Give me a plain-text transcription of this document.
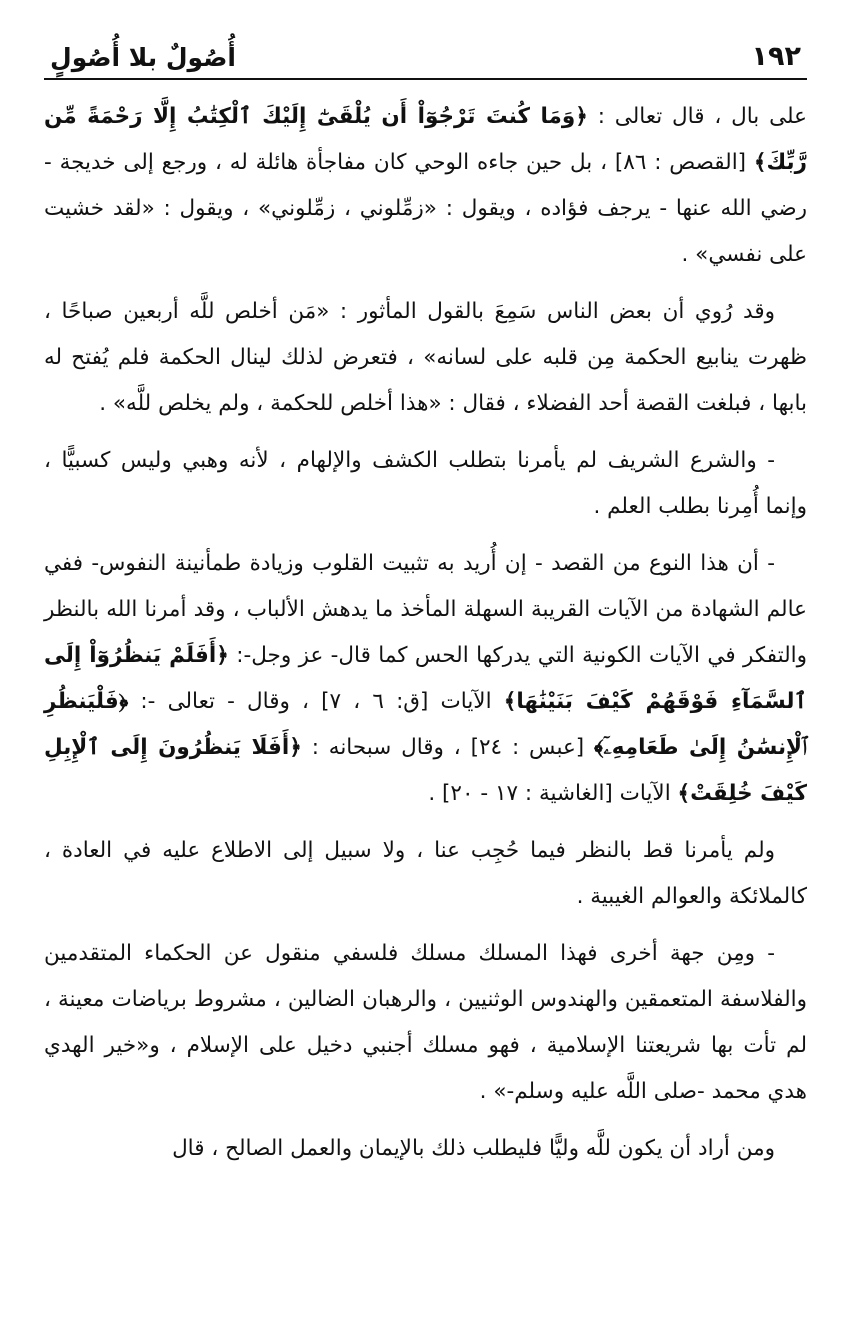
١٩٢
أُصُولٌ بلا أُصُولٍ

على بال ، قال تعالى : ﴿وَمَا كُنتَ تَرْجُوٓاْ أَن يُلْقَىٰٓ إِلَيْكَ ٱلْكِتَٰبُ إِلَّا رَحْمَةً مِّن رَّبِّكَ﴾ [القصص : ٨٦] ، بل حين جاءه الوحي كان مفاجأة هائلة له ، ورجع إلى خديجة - رضي الله عنها - يرجف فؤاده ، ويقول : «زمِّلوني ، زمِّلوني» ، ويقول : «لقد خشيت على نفسي» .

وقد رُوي أن بعض الناس سَمِعَ بالقول المأثور : «مَن أخلص للَّه أربعين صباحًا ، ظهرت ينابيع الحكمة مِن قلبه على لسانه» ، فتعرض لذلك لينال الحكمة فلم يُفتح له بابها ، فبلغت القصة أحد الفضلاء ، فقال : «هذا أخلص للحكمة ، ولم يخلص للَّه» .

- والشرع الشريف لم يأمرنا بتطلب الكشف والإلهام ، لأنه وهبي وليس كسبيًّا ، وإنما أُمِرنا بطلب العلم .

- أن هذا النوع من القصد - إن أُريد به تثبيت القلوب وزيادة طمأنينة النفوس- ففي عالم الشهادة من الآيات القريبة السهلة المأخذ ما يدهش الألباب ، وقد أمرنا الله بالنظر والتفكر في الآيات الكونية التي يدركها الحس كما قال- عز وجل-: ﴿أَفَلَمْ يَنظُرُوٓاْ إِلَى ٱلسَّمَآءِ فَوْقَهُمْ كَيْفَ بَنَيْنَٰهَا﴾ الآيات [ق: ٦ ، ٧] ، وقال - تعالى -: ﴿فَلْيَنظُرِ ٱلْإِنسَٰنُ إِلَىٰ طَعَامِهِۦٓ﴾ [عبس : ٢٤] ، وقال سبحانه : ﴿أَفَلَا يَنظُرُونَ إِلَى ٱلْإِبِلِ كَيْفَ خُلِقَتْ﴾ الآيات [الغاشية : ١٧ - ٢٠] .

ولم يأمرنا قط بالنظر فيما حُجِب عنا ، ولا سبيل إلى الاطلاع عليه في العادة ، كالملائكة والعوالم الغيبية .

- ومِن جهة أخرى فهذا المسلك مسلك فلسفي منقول عن الحكماء المتقدمين والفلاسفة المتعمقين والهندوس الوثنيين ، والرهبان الضالين ، مشروط برياضات معينة ، لم تأت بها شريعتنا الإسلامية ، فهو مسلك أجنبي دخيل على الإسلام ، و«خير الهدي هدي محمد -صلى اللَّه عليه وسلم-» .

ومن أراد أن يكون للَّه وليًّا فليطلب ذلك بالإيمان والعمل الصالح ، قال
